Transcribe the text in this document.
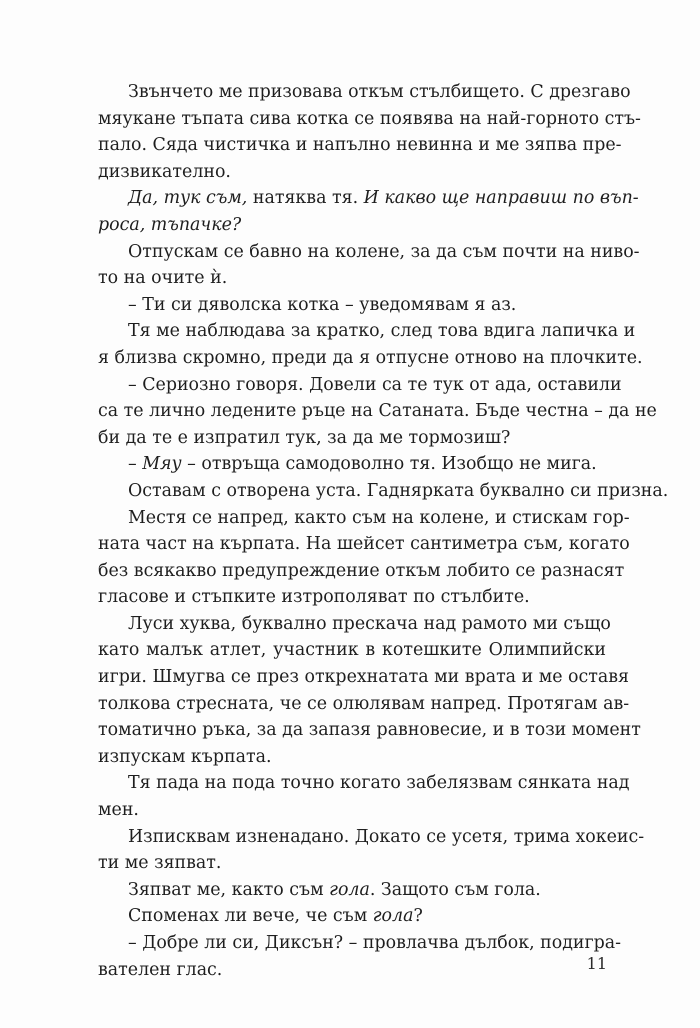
Звънчето ме призовава откъм стълбището. С дрезгаво
мяукане тъпата сива котка се появява на най-горното стъ-
пало. Сяда чистичка и напълно невинна и ме зяпва пре-
дизвикателно.
Да, тук съм, натяква тя. И какво ще направиш по въп-
роса, тъпачке?
Отпускам се бавно на колене, за да съм почти на ниво-
то на очите ѝ.
– Ти си дяволска котка – уведомявам я аз.
Тя ме наблюдава за кратко, след това вдига лапичка и
я близва скромно, преди да я отпусне отново на плочките.
– Сериозно говоря. Довели са те тук от ада, оставили
са те лично ледените ръце на Сатаната. Бъде честна – да не
би да те е изпратил тук, за да ме тормозиш?
– Мяу – отвръща самодоволно тя. Изобщо не мига.
Оставам с отворена уста. Гаднярката буквално си призна.
Местя се напред, както съм на колене, и стискам гор-
ната част на кърпата. На шейсет сантиметра съм, когато
без всякакво предупреждение откъм лобито се разнасят
гласове и стъпките изтрополяват по стълбите.
Луси хуква, буквално прескача над рамото ми също
като малък атлет, участник в котешките Олимпийски
игри. Шмугва се през открехнатата ми врата и ме оставя
толкова стресната, че се олюлявам напред. Протягам ав-
томатично ръка, за да запазя равновесие, и в този момент
изпускам кърпата.
Тя пада на пода точно когато забелязвам сянката над
мен.
Изписквам изненадано. Докато се усетя, трима хокеис-
ти ме зяпват.
Зяпват ме, както съм гола. Защото съм гола.
Споменах ли вече, че съм гола?
– Добре ли си, Диксън? – провлачва дълбок, подигра-
вателен глас.	11
